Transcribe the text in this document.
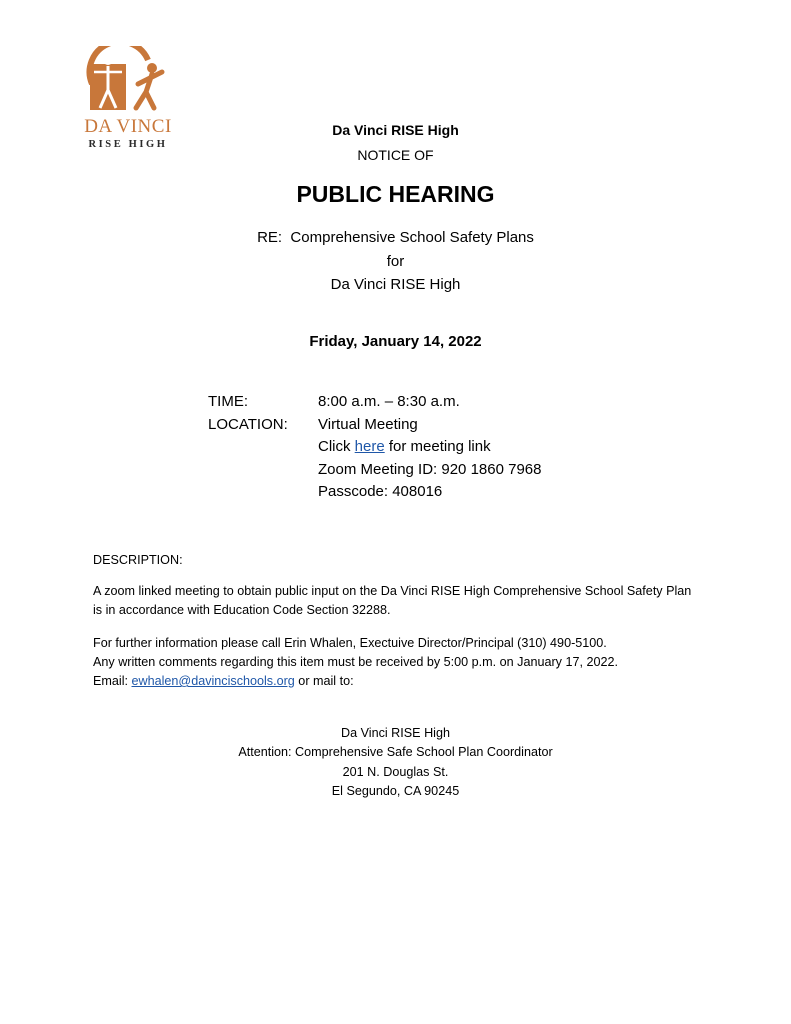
DA VINCI
RISE HIGH
Da Vinci RISE High
NOTICE OF
PUBLIC HEARING
RE:  Comprehensive School Safety Plans
for
Da Vinci RISE High
Friday, January 14, 2022
TIME:	8:00 a.m. – 8:30 a.m.
LOCATION:	Virtual Meeting
Click here for meeting link
Zoom Meeting ID: 920 1860 7968
Passcode: 408016
DESCRIPTION:
A zoom linked meeting to obtain public input on the Da Vinci RISE High Comprehensive School Safety Plan is in accordance with Education Code Section 32288.
For further information please call Erin Whalen, Exectuive Director/Principal (310) 490-5100.
Any written comments regarding this item must be received by 5:00 p.m. on January 17, 2022.
Email: ewhalen@davincischools.org or mail to:
Da Vinci RISE High
Attention: Comprehensive Safe School Plan Coordinator
201 N. Douglas St.
El Segundo, CA 90245
